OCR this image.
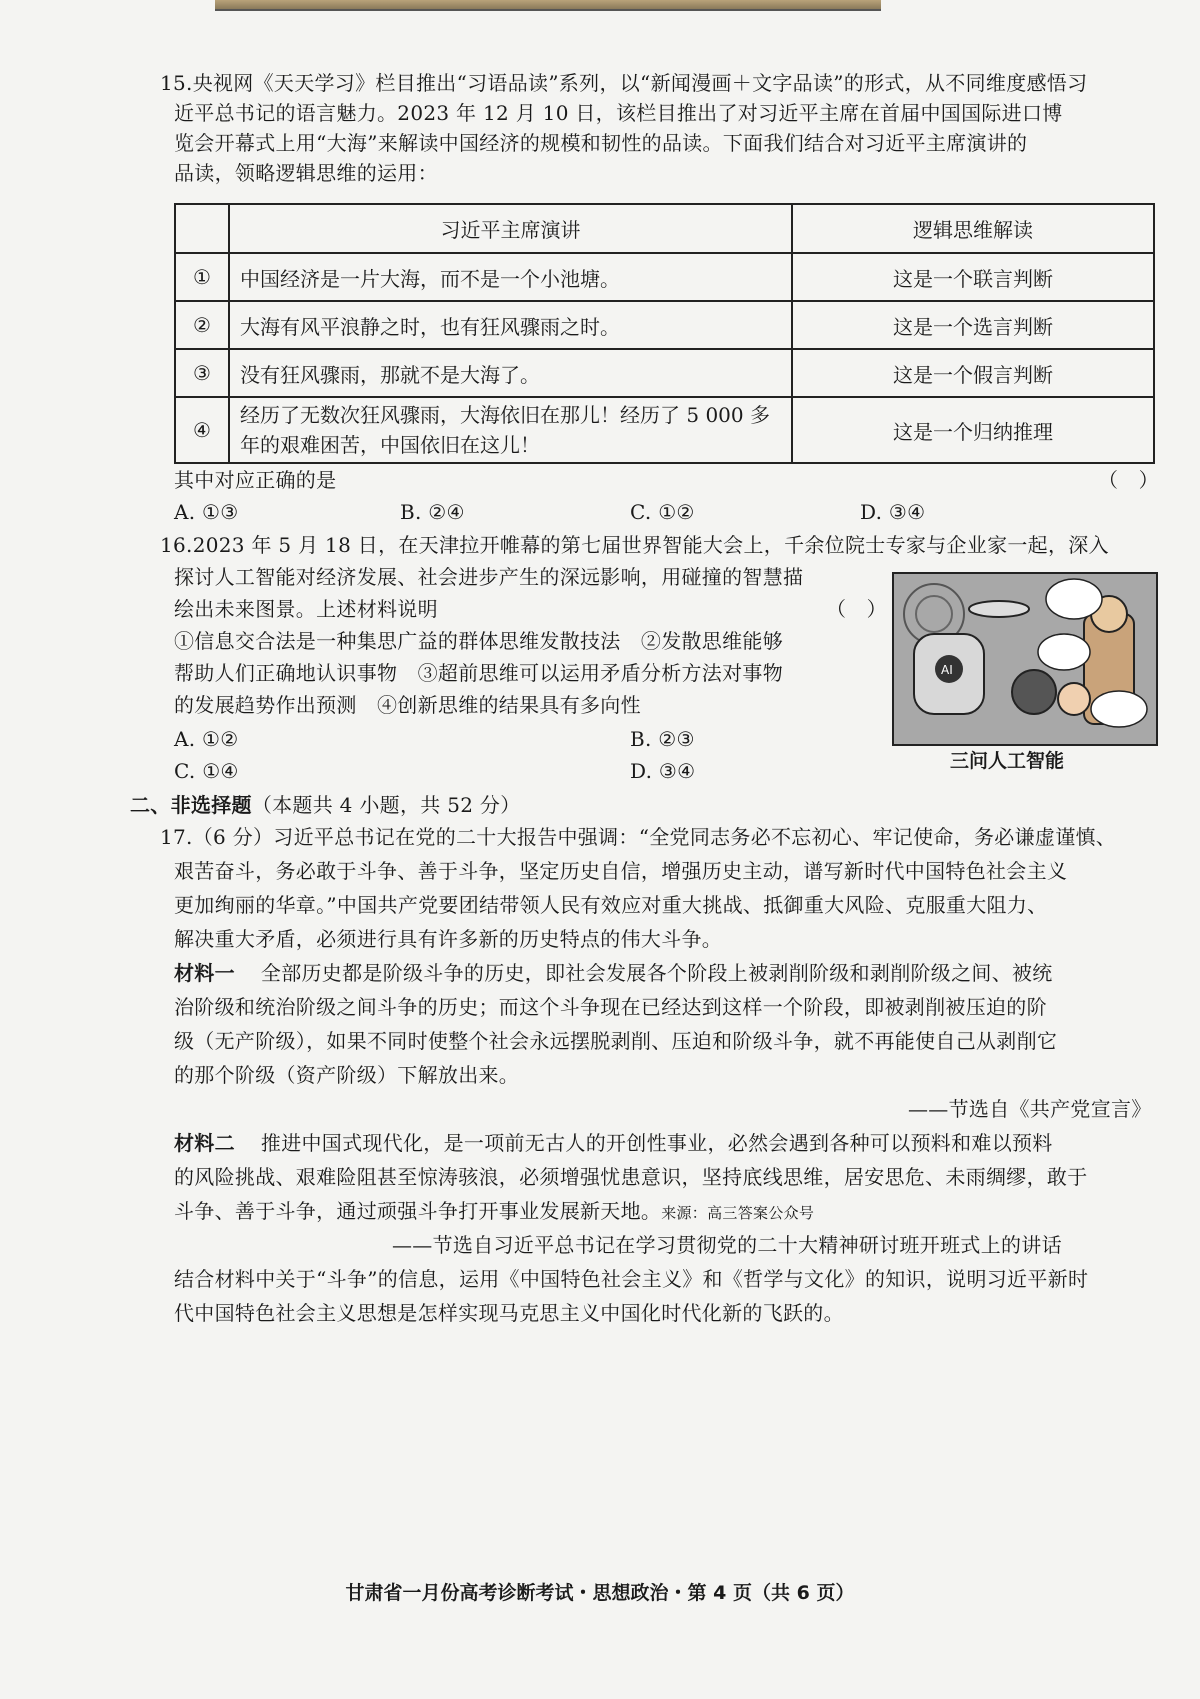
15.央视网《天天学习》栏目推出“习语品读”系列，以“新闻漫画＋文字品读”的形式，从不同维度感悟习
近平总书记的语言魅力。2023 年 12 月 10 日，该栏目推出了对习近平主席在首届中国国际进口博
览会开幕式上用“大海”来解读中国经济的规模和韧性的品读。下面我们结合对习近平主席演讲的
品读，领略逻辑思维的运用：
	习近平主席演讲	逻辑思维解读
①	中国经济是一片大海，而不是一个小池塘。	这是一个联言判断
②	大海有风平浪静之时，也有狂风骤雨之时。	这是一个选言判断
③	没有狂风骤雨，那就不是大海了。	这是一个假言判断
④	经历了无数次狂风骤雨，大海依旧在那儿！经历了 5 000 多年的艰难困苦，中国依旧在这儿！	这是一个归纳推理
其中对应正确的是	（　）
A. ①③	B. ②④	C. ①②	D. ③④
16.2023 年 5 月 18 日，在天津拉开帷幕的第七届世界智能大会上，千余位院士专家与企业家一起，深入
探讨人工智能对经济发展、社会进步产生的深远影响，用碰撞的智慧描
绘出未来图景。上述材料说明	（　）
①信息交合法是一种集思广益的群体思维发散技法　②发散思维能够
帮助人们正确地认识事物　③超前思维可以运用矛盾分析方法对事物
的发展趋势作出预测　④创新思维的结果具有多向性
A. ①②	B. ②③
C. ①④	D. ③④
AI
三问人工智能
二、非选择题（本题共 4 小题，共 52 分）
17.（6 分）习近平总书记在党的二十大报告中强调：“全党同志务必不忘初心、牢记使命，务必谦虚谨慎、
艰苦奋斗，务必敢于斗争、善于斗争，坚定历史自信，增强历史主动，谱写新时代中国特色社会主义
更加绚丽的华章。”中国共产党要团结带领人民有效应对重大挑战、抵御重大风险、克服重大阻力、
解决重大矛盾，必须进行具有许多新的历史特点的伟大斗争。
材料一 全部历史都是阶级斗争的历史，即社会发展各个阶段上被剥削阶级和剥削阶级之间、被统
治阶级和统治阶级之间斗争的历史；而这个斗争现在已经达到这样一个阶段，即被剥削被压迫的阶
级（无产阶级），如果不同时使整个社会永远摆脱剥削、压迫和阶级斗争，就不再能使自己从剥削它
的那个阶级（资产阶级）下解放出来。
——节选自《共产党宣言》
材料二 推进中国式现代化，是一项前无古人的开创性事业，必然会遇到各种可以预料和难以预料
的风险挑战、艰难险阻甚至惊涛骇浪，必须增强忧患意识，坚持底线思维，居安思危、未雨绸缪，敢于
斗争、善于斗争，通过顽强斗争打开事业发展新天地。来源：高三答案公众号
——节选自习近平总书记在学习贯彻党的二十大精神研讨班开班式上的讲话
结合材料中关于“斗争”的信息，运用《中国特色社会主义》和《哲学与文化》的知识，说明习近平新时
代中国特色社会主义思想是怎样实现马克思主义中国化时代化新的飞跃的。
甘肃省一月份高考诊断考试・思想政治・第 4 页（共 6 页）
